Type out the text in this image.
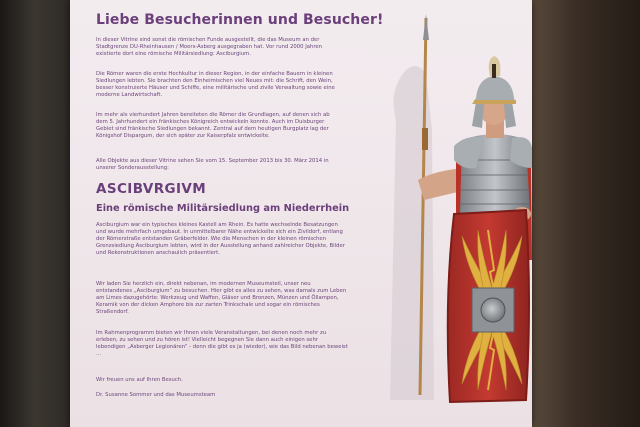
Liebe Besucherinnen und Besucher!
In dieser Vitrine sind sonst die römischen Funde ausgestellt, die das Museum an der Stadtgrenze DU-Rheinhausen / Moers-Asberg ausgegraben hat. Vor rund 2000 Jahren existierte dort eine römische Militärsiedlung: Asciburgium.
Die Römer waren die erste Hochkultur in dieser Region, in der einfache Bauern in kleinen Siedlungen lebten. Sie brachten den Einheimischen viel Neues mit: die Schrift, den Wein, besser konstruierte Häuser und Schiffe, eine militärische und zivile Verwaltung sowie eine moderne Landwirtschaft.
Im mehr als vierhundert Jahren bereiteten die Römer die Grundlagen, auf denen sich ab dem 5. Jahrhundert ein fränkisches Königreich entwickeln konnte. Auch im Duisburger Gebiet sind fränkische Siedlungen bekannt. Zentral auf dem heutigen Burgplatz lag der Königshof Dispargum, der sich später zur Kaiserpfalz entwickelte.
Alle Objekte aus dieser Vitrine sehen Sie vom 15. September 2013 bis 30. März 2014 in unserer Sonderausstellung:
ASCIBVRGIVM
Eine römische Militärsiedlung am Niederrhein
Asciburgium war ein typisches kleines Kastell am Rhein. Es hatte wechselnde Besatzungen und wurde mehrfach umgebaut. In unmittelbarer Nähe entwickelte sich ein Zivildorf, entlang der Römerstraße entstanden Gräberfelder. Wie die Menschen in der kleinen römischen Grenzsiedlung Asciburgium lebten, wird in der Ausstellung anhand zahlreicher Objekte, Bilder und Rekonstruktionen anschaulich präsentiert.
Wir laden Sie herzlich ein, direkt nebenan, im modernen Museumsteil, unser neu entstandenes „Asciburgium“ zu besuchen. Hier gibt es alles zu sehen, was damals zum Leben am Limes dazugehörte: Werkzeug und Waffen, Gläser und Bronzen, Münzen und Öllampen, Keramik von der dicken Amphore bis zur zarten Trinkschale und sogar ein römisches Straßendorf.
Im Rahmenprogramm bieten wir Ihnen viele Veranstaltungen, bei denen noch mehr zu erleben, zu sehen und zu hören ist! Vielleicht begegnen Sie dann auch einigen sehr lebendigen „Asberger Legionären“ - denn die gibt es ja (wieder), wie das Bild nebenan beweist ...
Wir freuen uns auf Ihren Besuch.
Dr. Susanne Sommer und das Museumsteam
